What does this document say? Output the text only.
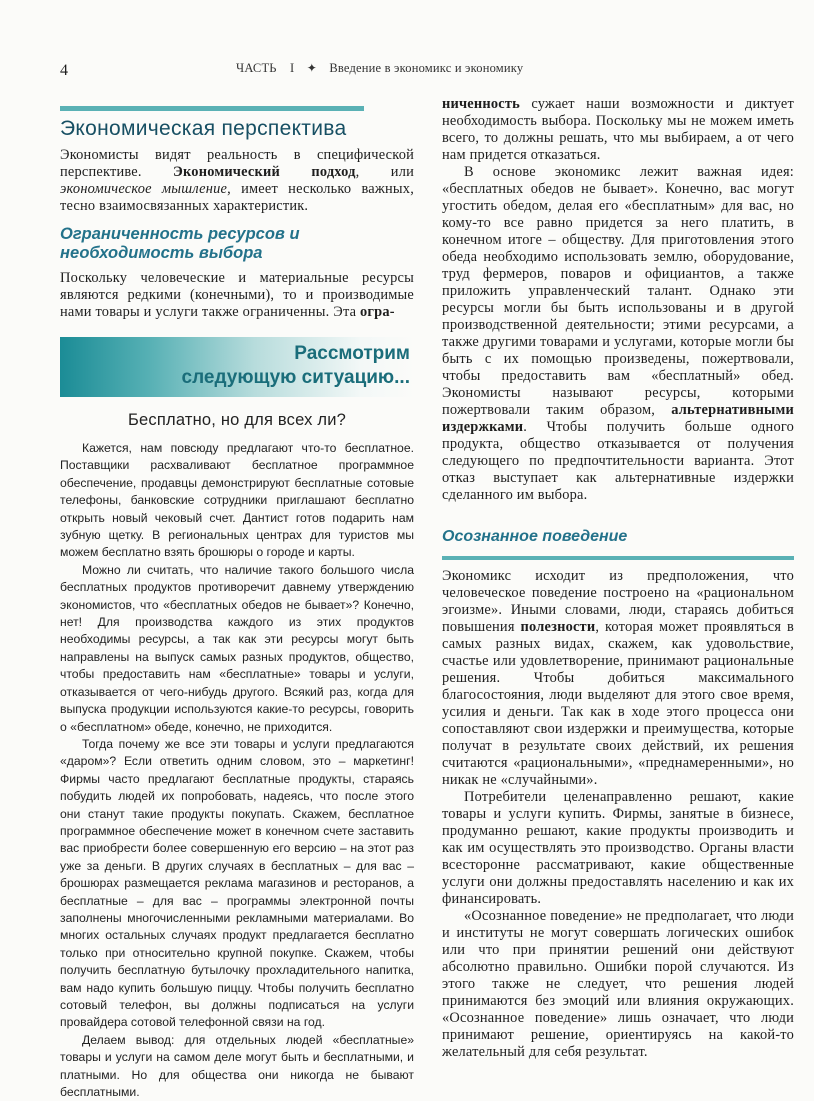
4	ЧАСТЬ I ✦ Введение в экономикс и экономику
Экономическая перспектива

Экономисты видят реальность в специфической перспективе. Экономический подход, или экономическое мышление, имеет несколько важных, тесно взаимосвязанных характеристик.

Ограниченность ресурсов и необходимость выбора

Поскольку человеческие и материальные ресурсы являются редкими (конечными), то и производимые нами товары и услуги также ограниченны. Эта огра-

Рассмотрим
следующую ситуацию...
Бесплатно, но для всех ли?

Кажется, нам повсюду предлагают что-то бесплатное. Поставщики расхваливают бесплатное программное обеспечение, продавцы демонстрируют бесплатные сотовые телефоны, банковские сотрудники приглашают бесплатно открыть новый чековый счет. Дантист готов подарить нам зубную щетку. В региональных центрах для туристов мы можем бесплатно взять брошюры о городе и карты.

Можно ли считать, что наличие такого большого числа бесплатных продуктов противоречит давнему утверждению экономистов, что «бесплатных обедов не бывает»? Конечно, нет! Для производства каждого из этих продуктов необходимы ресурсы, а так как эти ресурсы могут быть направлены на выпуск самых разных продуктов, общество, чтобы предоставить нам «бесплатные» товары и услуги, отказывается от чего-нибудь другого. Всякий раз, когда для выпуска продукции используются какие-то ресурсы, говорить о «бесплатном» обеде, конечно, не приходится.

Тогда почему же все эти товары и услуги предлагаются «даром»? Если ответить одним словом, это – маркетинг! Фирмы часто предлагают бесплатные продукты, стараясь побудить людей их попробовать, надеясь, что после этого они станут такие продукты покупать. Скажем, бесплатное программное обеспечение может в конечном счете заставить вас приобрести более совершенную его версию – на этот раз уже за деньги. В других случаях в бесплатных – для вас – брошюрах размещается реклама магазинов и ресторанов, а бесплатные – для вас – программы электронной почты заполнены многочисленными рекламными материалами. Во многих остальных случаях продукт предлагается бесплатно только при относительно крупной покупке. Скажем, чтобы получить бесплатную бутылочку прохладительного напитка, вам надо купить большую пиццу. Чтобы получить бесплатно сотовый телефон, вы должны подписаться на услуги провайдера сотовой телефонной связи на год.

Делаем вывод: для отдельных людей «бесплатные» товары и услуги на самом деле могут быть и бесплатными, и платными. Но для общества они никогда не бывают бесплатными.

ниченность сужает наши возможности и диктует необходимость выбора. Поскольку мы не можем иметь всего, то должны решать, что мы выбираем, а от чего нам придется отказаться.

В основе экономикс лежит важная идея: «бесплатных обедов не бывает». Конечно, вас могут угостить обедом, делая его «бесплатным» для вас, но кому-то все равно придется за него платить, в конечном итоге – обществу. Для приготовления этого обеда необходимо использовать землю, оборудование, труд фермеров, поваров и официантов, а также приложить управленческий талант. Однако эти ресурсы могли бы быть использованы и в другой производственной деятельности; этими ресурсами, а также другими товарами и услугами, которые могли бы быть с их помощью произведены, пожертвовали, чтобы предоставить вам «бесплатный» обед. Экономисты называют ресурсы, которыми пожертвовали таким образом, альтернативными издержками. Чтобы получить больше одного продукта, общество отказывается от получения следующего по предпочтительности варианта. Этот отказ выступает как альтернативные издержки сделанного им выбора.

Осознанное поведение

Экономикс исходит из предположения, что человеческое поведение построено на «рациональном эгоизме». Иными словами, люди, стараясь добиться повышения полезности, которая может проявляться в самых разных видах, скажем, как удовольствие, счастье или удовлетворение, принимают рациональные решения. Чтобы добиться максимального благосостояния, люди выделяют для этого свое время, усилия и деньги. Так как в ходе этого процесса они сопоставляют свои издержки и преимущества, которые получат в результате своих действий, их решения считаются «рациональными», «преднамеренными», но никак не «случайными».

Потребители целенаправленно решают, какие товары и услуги купить. Фирмы, занятые в бизнесе, продуманно решают, какие продукты производить и как им осуществлять это производство. Органы власти всесторонне рассматривают, какие общественные услуги они должны предоставлять населению и как их финансировать.

«Осознанное поведение» не предполагает, что люди и институты не могут совершать логических ошибок или что при принятии решений они действуют абсолютно правильно. Ошибки порой случаются. Из этого также не следует, что решения людей принимаются без эмоций или влияния окружающих. «Осознанное поведение» лишь означает, что люди принимают решение, ориентируясь на какой-то желательный для себя результат.
